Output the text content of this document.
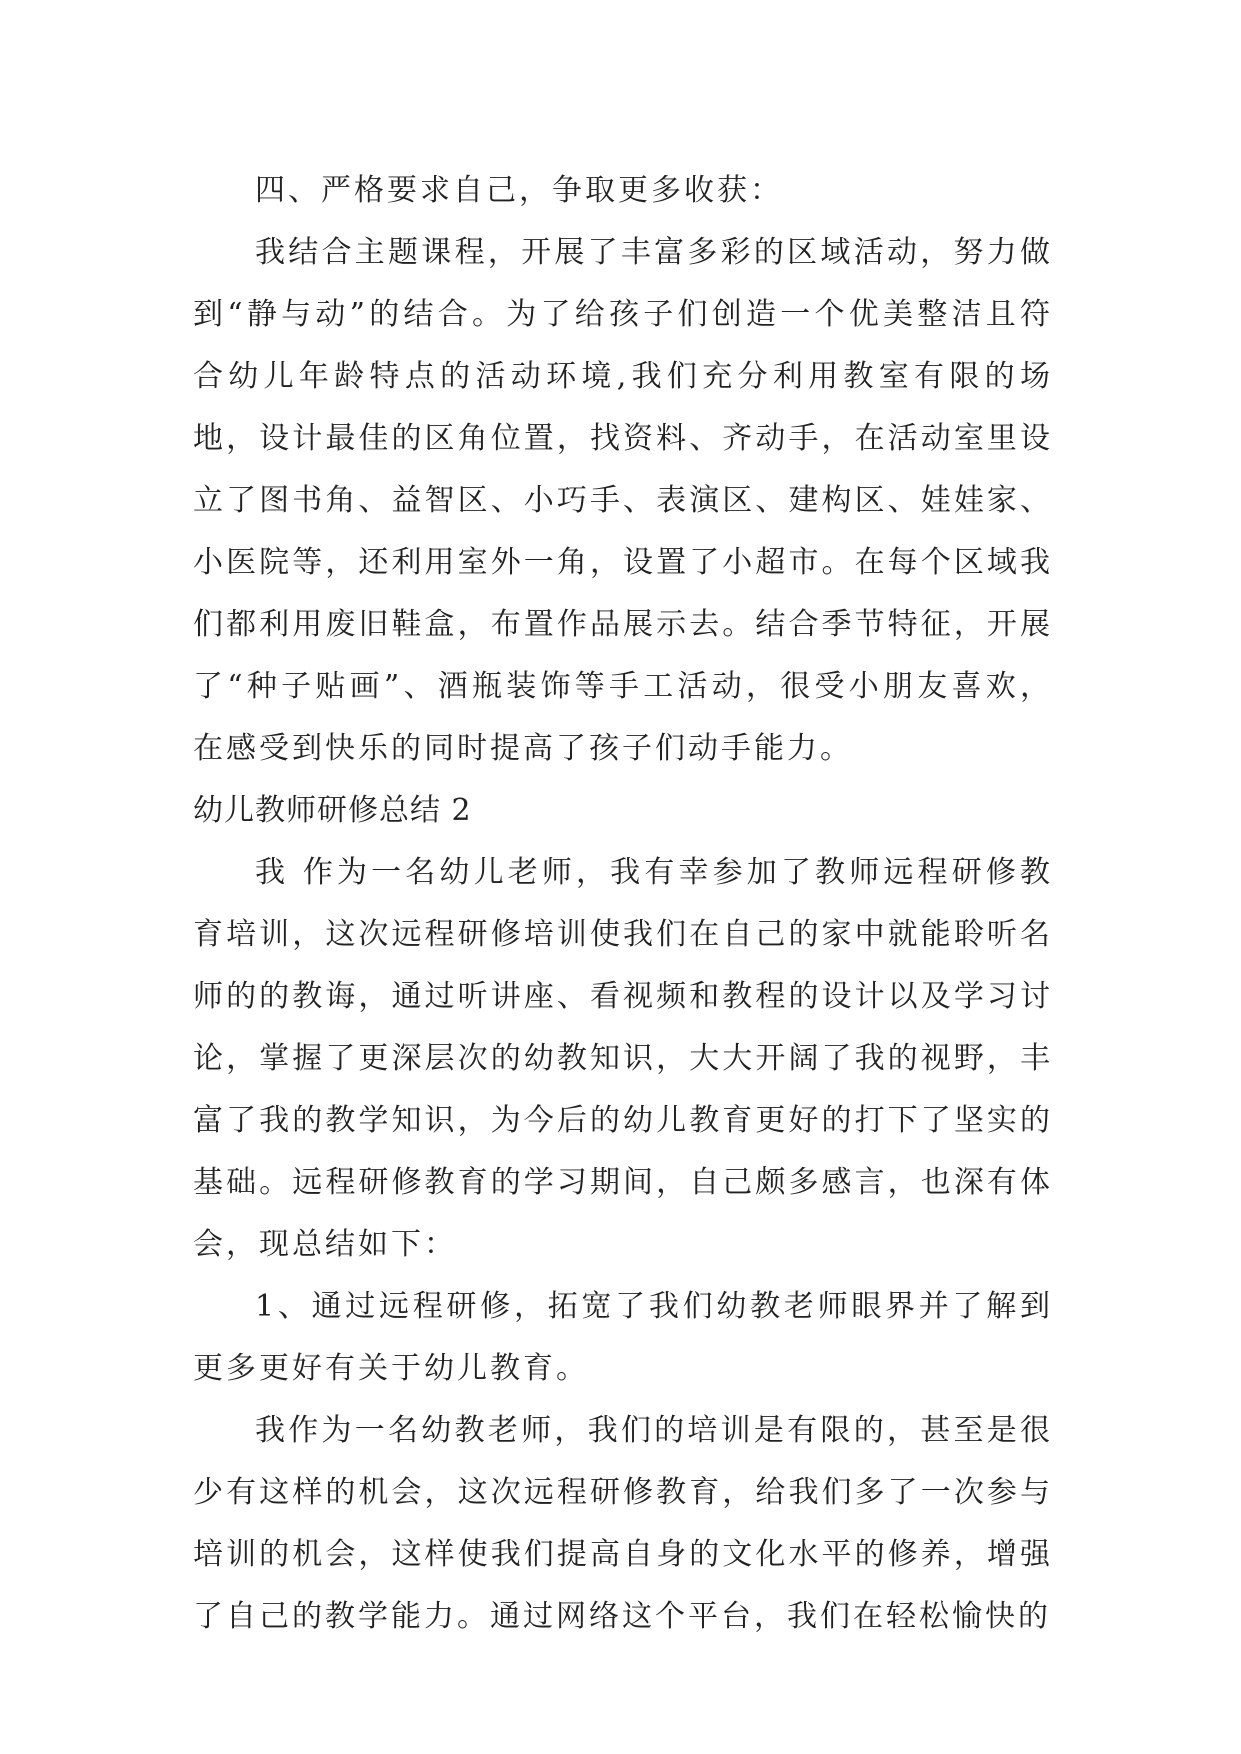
四、严格要求自己，争取更多收获：

我结合主题课程，开展了丰富多彩的区域活动，努力做到“静与动”的结合。为了给孩子们创造一个优美整洁且符合幼儿年龄特点的活动环境,我们充分利用教室有限的场地，设计最佳的区角位置，找资料、齐动手，在活动室里设立了图书角、益智区、小巧手、表演区、建构区、娃娃家、小医院等，还利用室外一角，设置了小超市。在每个区域我们都利用废旧鞋盒，布置作品展示去。结合季节特征，开展了“种子贴画”、酒瓶装饰等手工活动，很受小朋友喜欢，在感受到快乐的同时提高了孩子们动手能力。

幼儿教师研修总结 2

我 作为一名幼儿老师，我有幸参加了教师远程研修教育培训，这次远程研修培训使我们在自己的家中就能聆听名师的的教诲，通过听讲座、看视频和教程的设计以及学习讨论，掌握了更深层次的幼教知识，大大开阔了我的视野，丰富了我的教学知识，为今后的幼儿教育更好的打下了坚实的基础。远程研修教育的学习期间，自己颇多感言，也深有体会，现总结如下：

1、通过远程研修，拓宽了我们幼教老师眼界并了解到更多更好有关于幼儿教育。

我作为一名幼教老师，我们的培训是有限的，甚至是很少有这样的机会，这次远程研修教育，给我们多了一次参与培训的机会，这样使我们提高自身的文化水平的修养，增强了自己的教学能力。通过网络这个平台，我们在轻松愉快的
